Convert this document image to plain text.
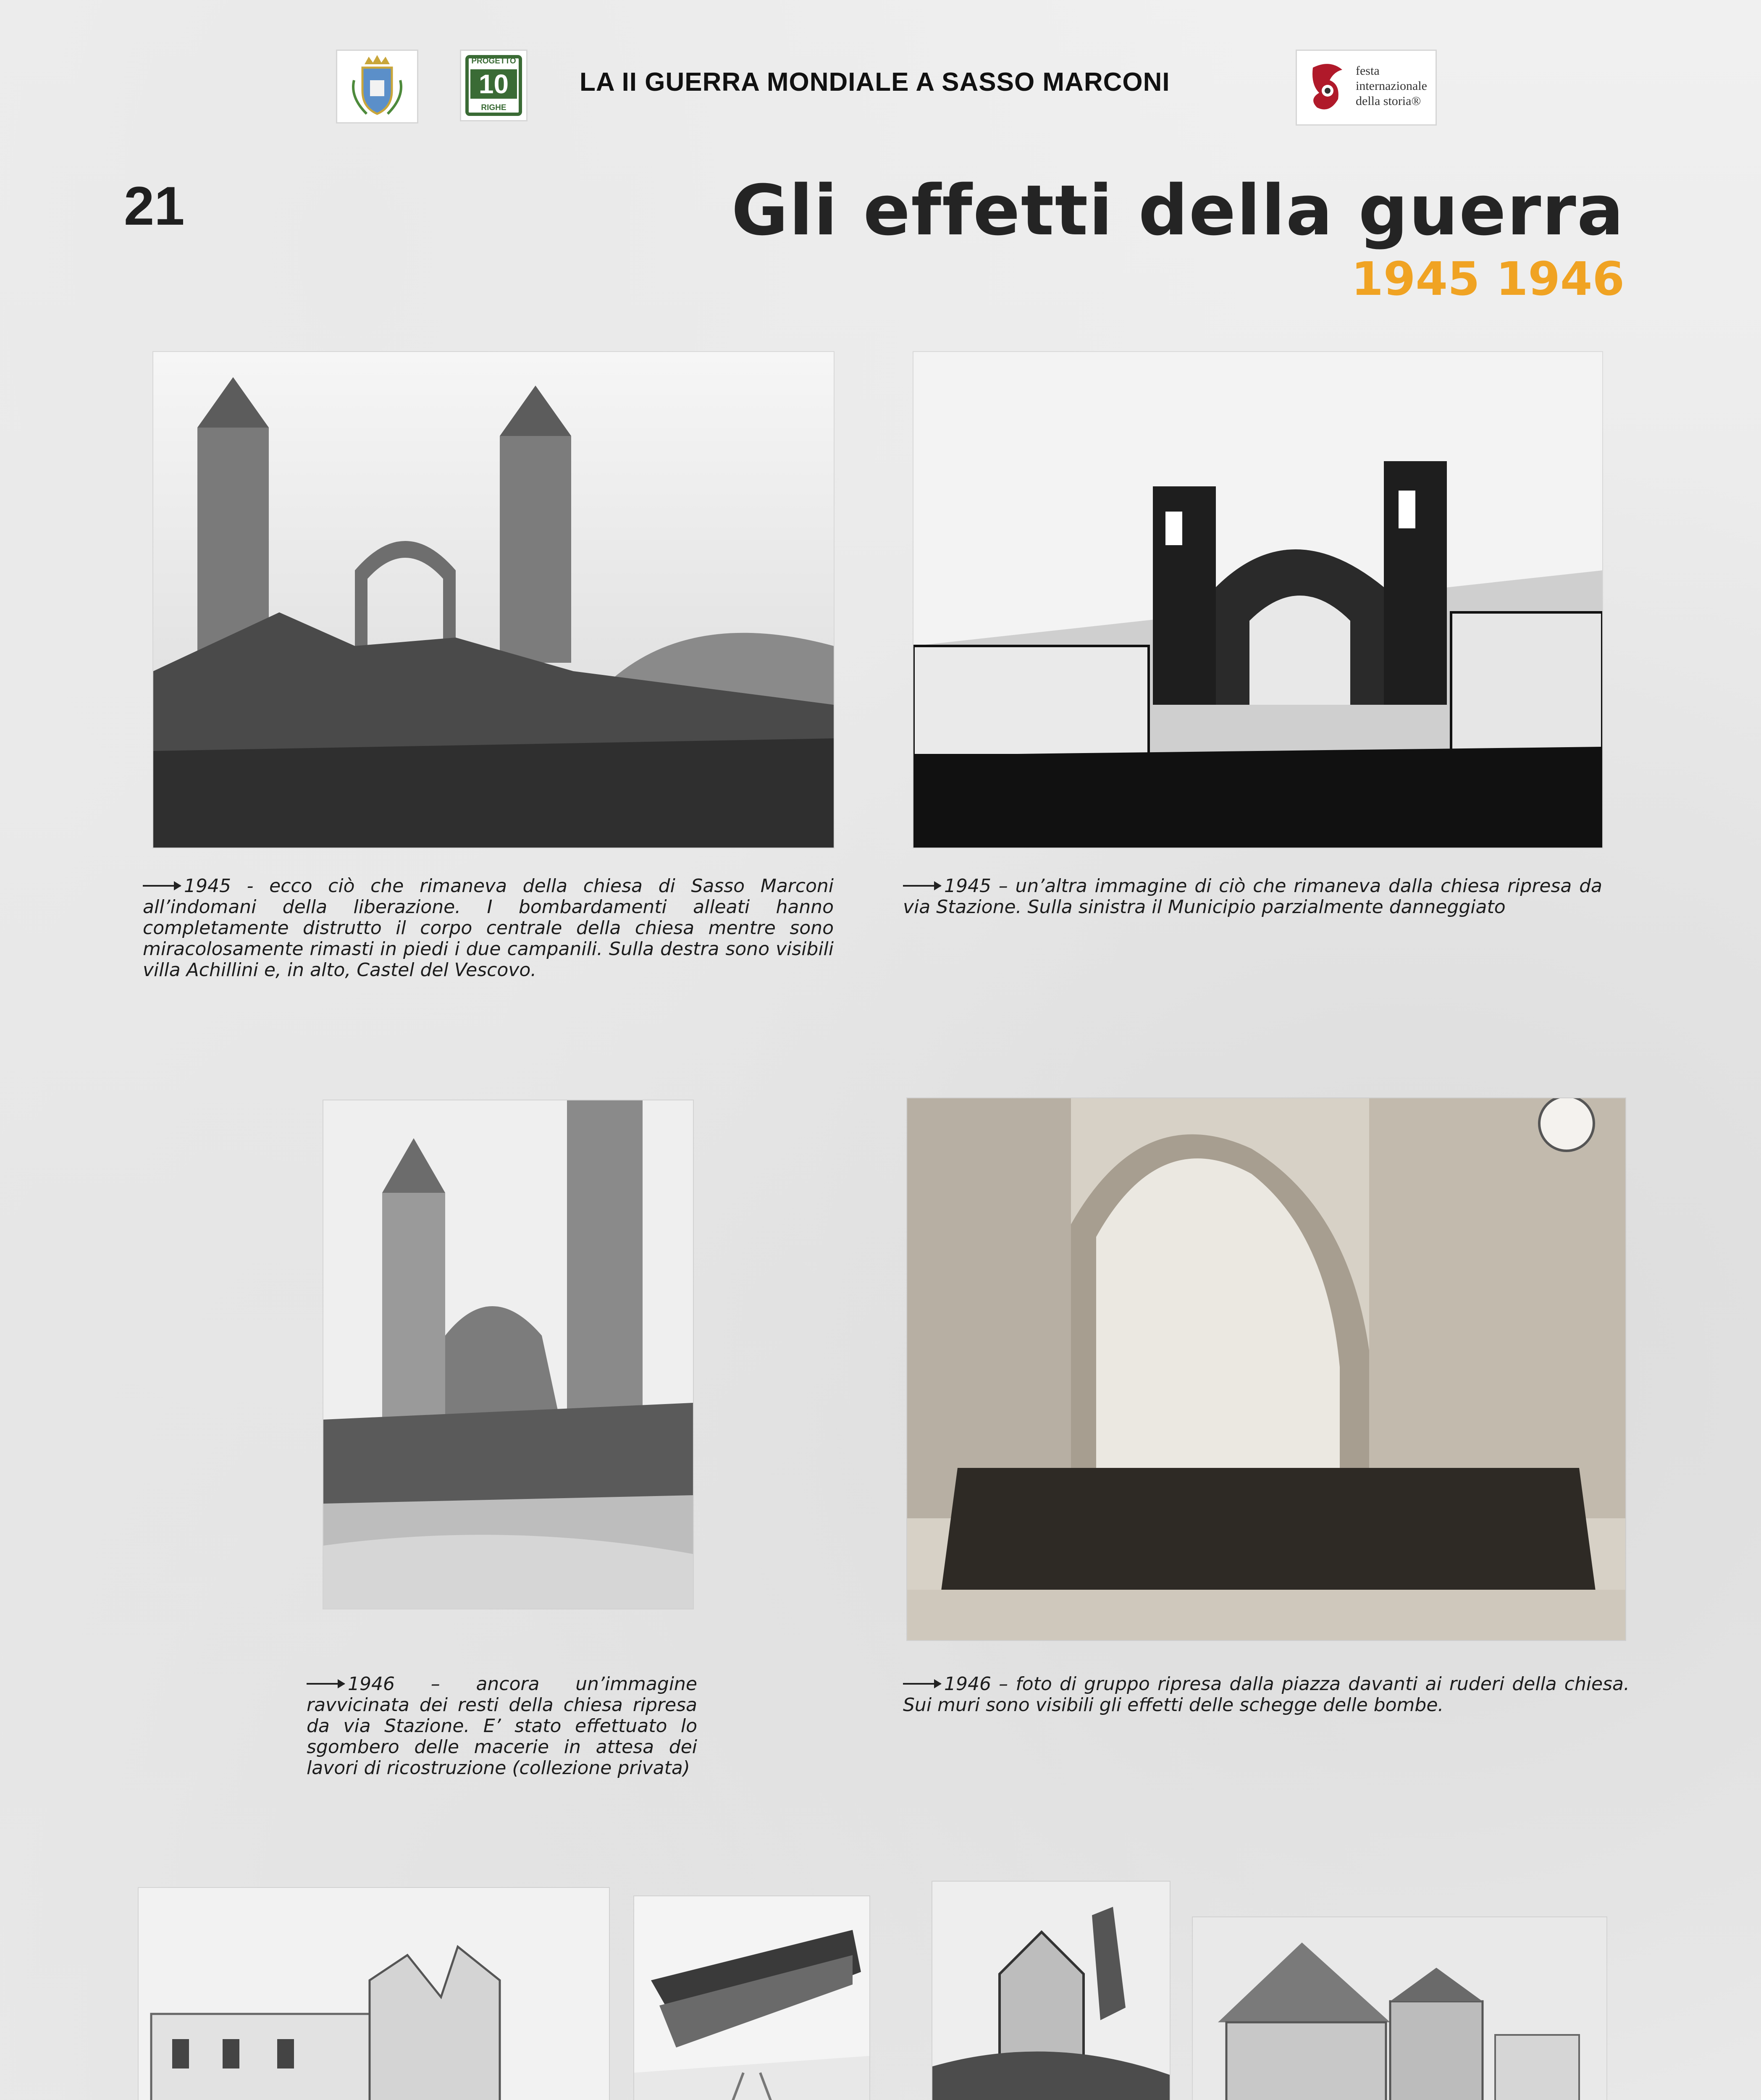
PROGETTO
10
RIGHE
LA II GUERRA MONDIALE A SASSO MARCONI	festa
internazionale
della storia®
21	Gli effetti della guerra
1945 1946
1945 - ecco ciò che rimaneva della chiesa di Sasso Marconi all’indomani della liberazione. I bombardamenti alleati hanno completamente distrutto il corpo centrale della chiesa mentre sono miracolosamente rimasti in piedi i due campanili. Sulla destra sono visibili villa Achillini e, in alto, Castel del Vescovo.
1945 – un’altra immagine di ciò che rimaneva dalla chiesa ripresa da via Stazione. Sulla sinistra il Municipio parzialmente danneggiato
1946 – ancora un’immagine ravvicinata dei resti della chiesa ripresa da via Stazione. E’ stato effettuato lo sgombero delle macerie in attesa dei lavori di ricostruzione (collezione privata)
1946 – foto di gruppo ripresa dalla piazza davanti ai ruderi della chiesa. Sui muri sono visibili gli effetti delle schegge delle bombe.
